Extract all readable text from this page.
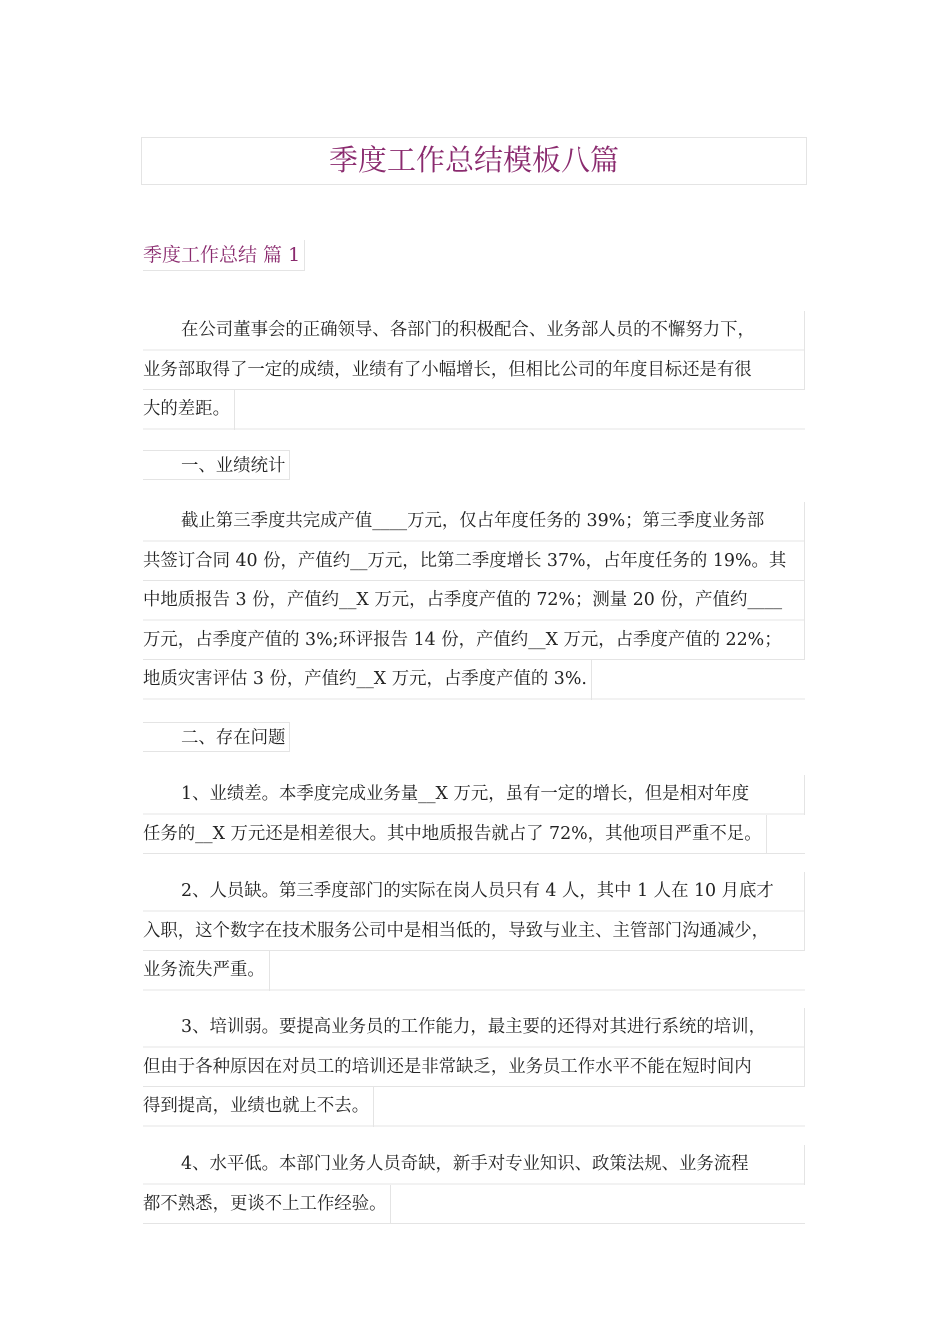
季度工作总结模板八篇
季度工作总结 篇 1

在公司董事会的正确领导、各部门的积极配合、业务部人员的不懈努力下，
业务部取得了一定的成绩，业绩有了小幅增长，但相比公司的年度目标还是有很
大的差距。

一、业绩统计

截止第三季度共完成产值____万元，仅占年度任务的 39%；第三季度业务部
共签订合同 40 份，产值约__万元，比第二季度增长 37%，占年度任务的 19%。其
中地质报告 3 份，产值约__X 万元，占季度产值的 72%；测量 20 份，产值约____
万元，占季度产值的 3%;环评报告 14 份，产值约__X 万元，占季度产值的 22%；
地质灾害评估 3 份，产值约__X 万元，占季度产值的 3%.

二、存在问题

1、业绩差。本季度完成业务量__X 万元，虽有一定的增长，但是相对年度
任务的__X 万元还是相差很大。其中地质报告就占了 72%，其他项目严重不足。

2、人员缺。第三季度部门的实际在岗人员只有 4 人，其中 1 人在 10 月底才
入职，这个数字在技术服务公司中是相当低的，导致与业主、主管部门沟通减少，
业务流失严重。

3、培训弱。要提高业务员的工作能力，最主要的还得对其进行系统的培训，
但由于各种原因在对员工的培训还是非常缺乏，业务员工作水平不能在短时间内
得到提高，业绩也就上不去。

4、水平低。本部门业务人员奇缺，新手对专业知识、政策法规、业务流程
都不熟悉，更谈不上工作经验。
